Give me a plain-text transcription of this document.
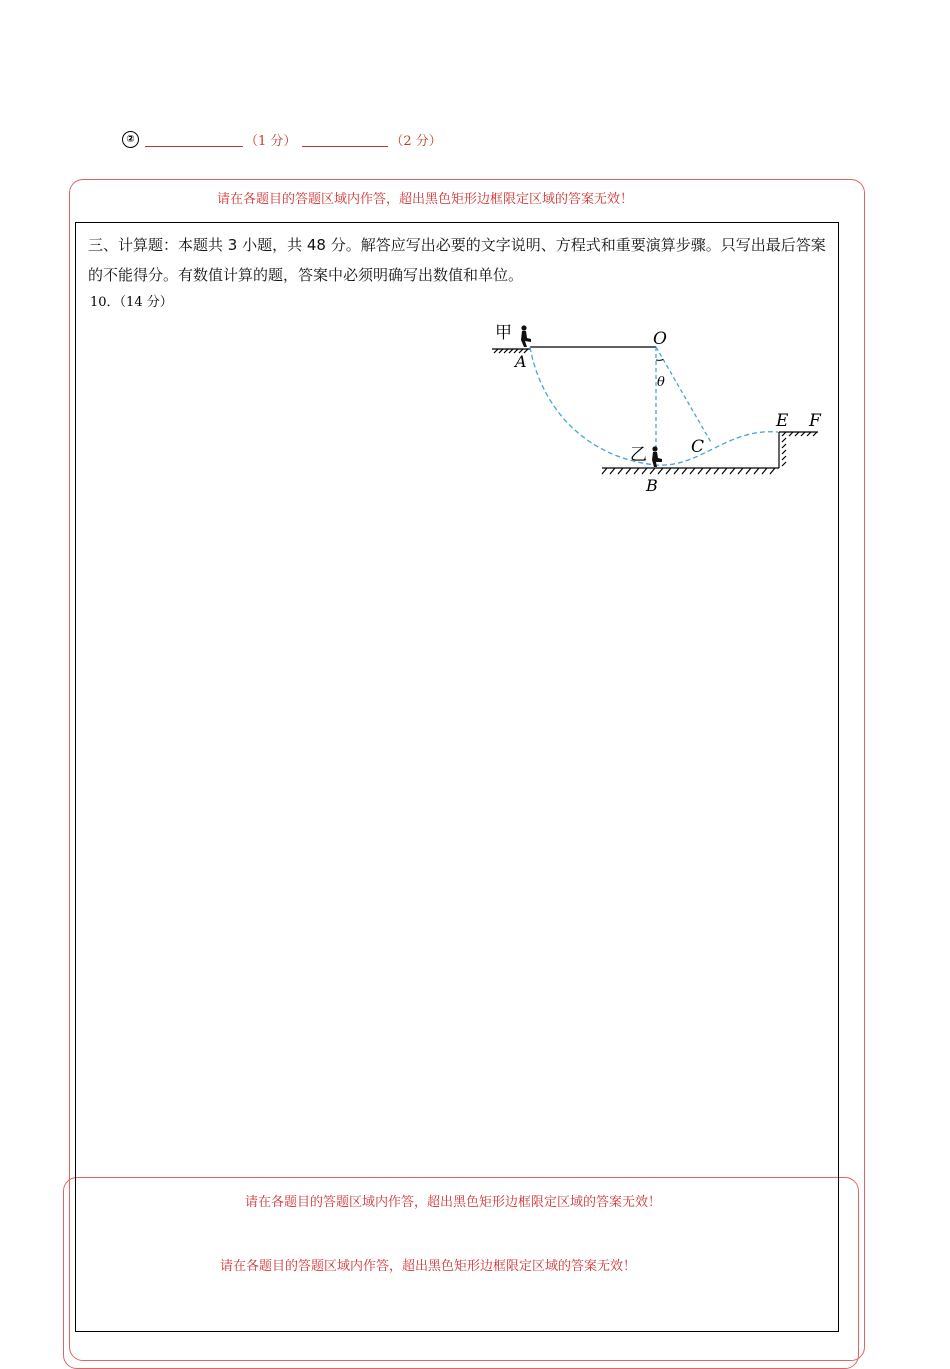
②	（1 分）	（2 分）
请在各题目的答题区域内作答，超出黑色矩形边框限定区域的答案无效！
请在各题目的答题区域内作答，超出黑色矩形边框限定区域的答案无效！
请在各题目的答题区域内作答，超出黑色矩形边框限定区域的答案无效！
三、计算题：本题共 3 小题，共 48 分。解答应写出必要的文字说明、方程式和重要演算步骤。只写出最后答案的不能得分。有数值计算的题，答案中必须明确写出数值和单位。
10．（14 分）
甲
A
O
θ
乙
B
C
E F
